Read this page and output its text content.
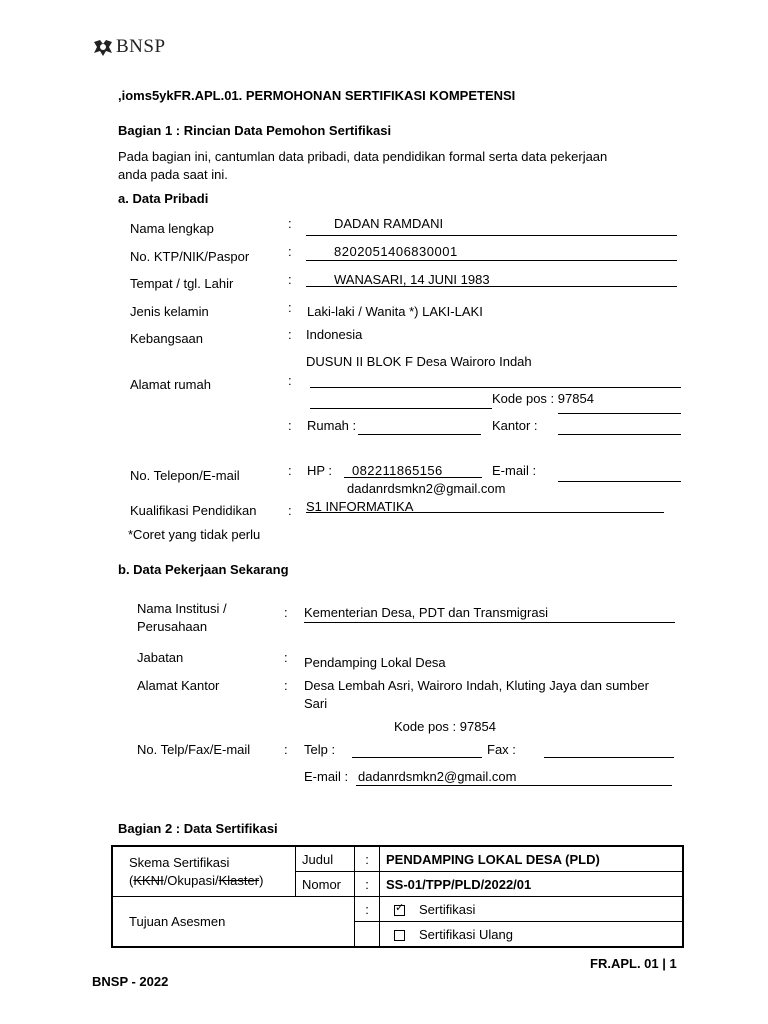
BNSP
,ioms5ykFR.APL.01. PERMOHONAN SERTIFIKASI KOMPETENSI
Bagian 1 : Rincian Data Pemohon Sertifikasi
Pada bagian ini, cantumlan data pribadi, data pendidikan formal serta data pekerjaan
anda pada saat ini.
a. Data Pribadi
Nama lengkap	:	DADAN RAMDANI
No. KTP/NIK/Paspor	:	8202051406830001
Tempat / tgl. Lahir	:	WANASARI, 14 JUNI 1983
Jenis kelamin	: Laki-laki / Wanita *) LAKI-LAKI
Kebangsaan	: Indonesia
DUSUN II BLOK F Desa Wairoro Indah
Alamat rumah	:
Kode pos : 97854
: Rumah :	Kantor :
No. Telepon/E-mail	: HP : 082211865156	E-mail :
dadanrdsmkn2@gmail.com
Kualifikasi Pendidikan : S1 INFORMATIKA
*Coret yang tidak perlu
b. Data Pekerjaan Sekarang
Nama Institusi /
Perusahaan
: Kementerian Desa, PDT dan Transmigrasi
Jabatan	: Pendamping Lokal Desa
Alamat Kantor	: Desa Lembah Asri, Wairoro Indah, Kluting Jaya dan sumber
Sari
Kode pos : 97854
No. Telp/Fax/E-mail	: Telp :	Fax :
E-mail : dadanrdsmkn2@gmail.com
Bagian 2 : Data Sertifikasi
Skema Sertifikasi
(KKNI/Okupasi/Klaster)	Judul	:	PENDAMPING LOKAL DESA (PLD)
	Nomor	:	SS-01/TPP/PLD/2022/01
Tujuan Asesmen		:	✓Sertifikasi
			Sertifikasi Ulang
FR.APL. 01 | 1
BNSP - 2022
